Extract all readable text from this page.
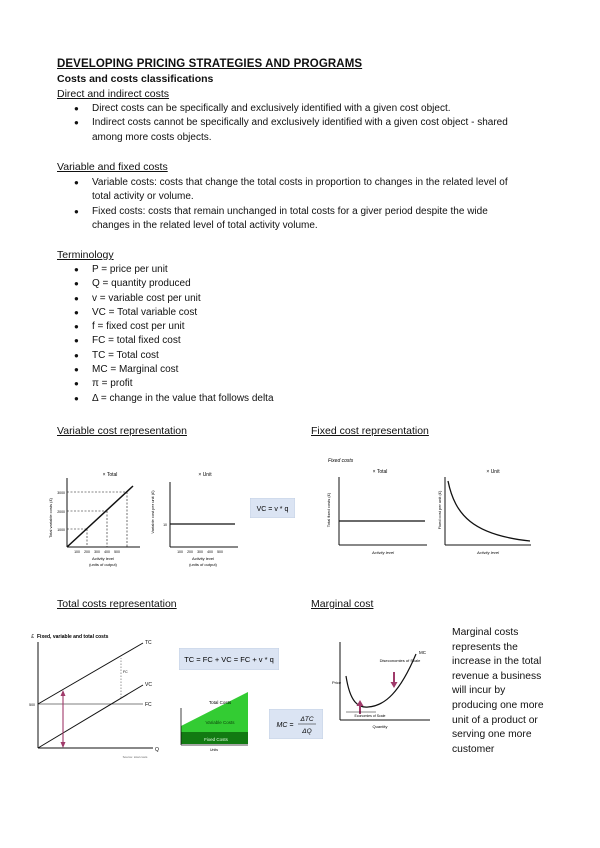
DEVELOPING PRICING STRATEGIES AND PROGRAMS
Costs and costs classifications
Direct and indirect costs
● Direct costs can be specifically and exclusively identified with a given cost object.
● Indirect costs cannot be specifically and exclusively identified with a given cost object - shared among more costs objects.
Variable and fixed costs
● Variable costs: costs that change the total costs in proportion to changes in the related level of total activity or volume.
● Fixed costs: costs that remain unchanged in total costs for a giver period despite the wide changes in the related level of total activity volume.
Terminology
● P = price per unit
● Q = quantity produced
● v = variable cost per unit
● VC = Total variable cost
● f = fixed cost per unit
● FC = total fixed cost
● TC = Total cost
● MC = Marginal cost
● π = profit
● Δ = change in the value that follows delta
Variable cost representation	Fixed cost representation
× Total
Total variable costs (£)
3000
2000
1000
100 200 300 400 500
Activity level
(units of output)
× Unit
Variable cost per unit (£) 10
100 200 300 400 500
Activity level
(units of output)
VC = v * q
Fixed costs
× Total
Total fixed costs (£)
Activity level
× Unit
Fixed cost per unit (£)
Activity level
Total costs representation	Marginal cost
Fixed, variable and total costs
£
Q
TC
VC
FC
500
FC
Source: total costs
TC = FC + VC = FC + v * q
Total Costs
Variable Costs
Fixed Costs
Units
MC =
ΔTC
ΔQ
Price
Quantity
MC
Diseconomies of Scale
Economies of Scale
Marginal costs represents the increase in the total revenue a business will incur by producing one more unit of a product or serving one more customer
